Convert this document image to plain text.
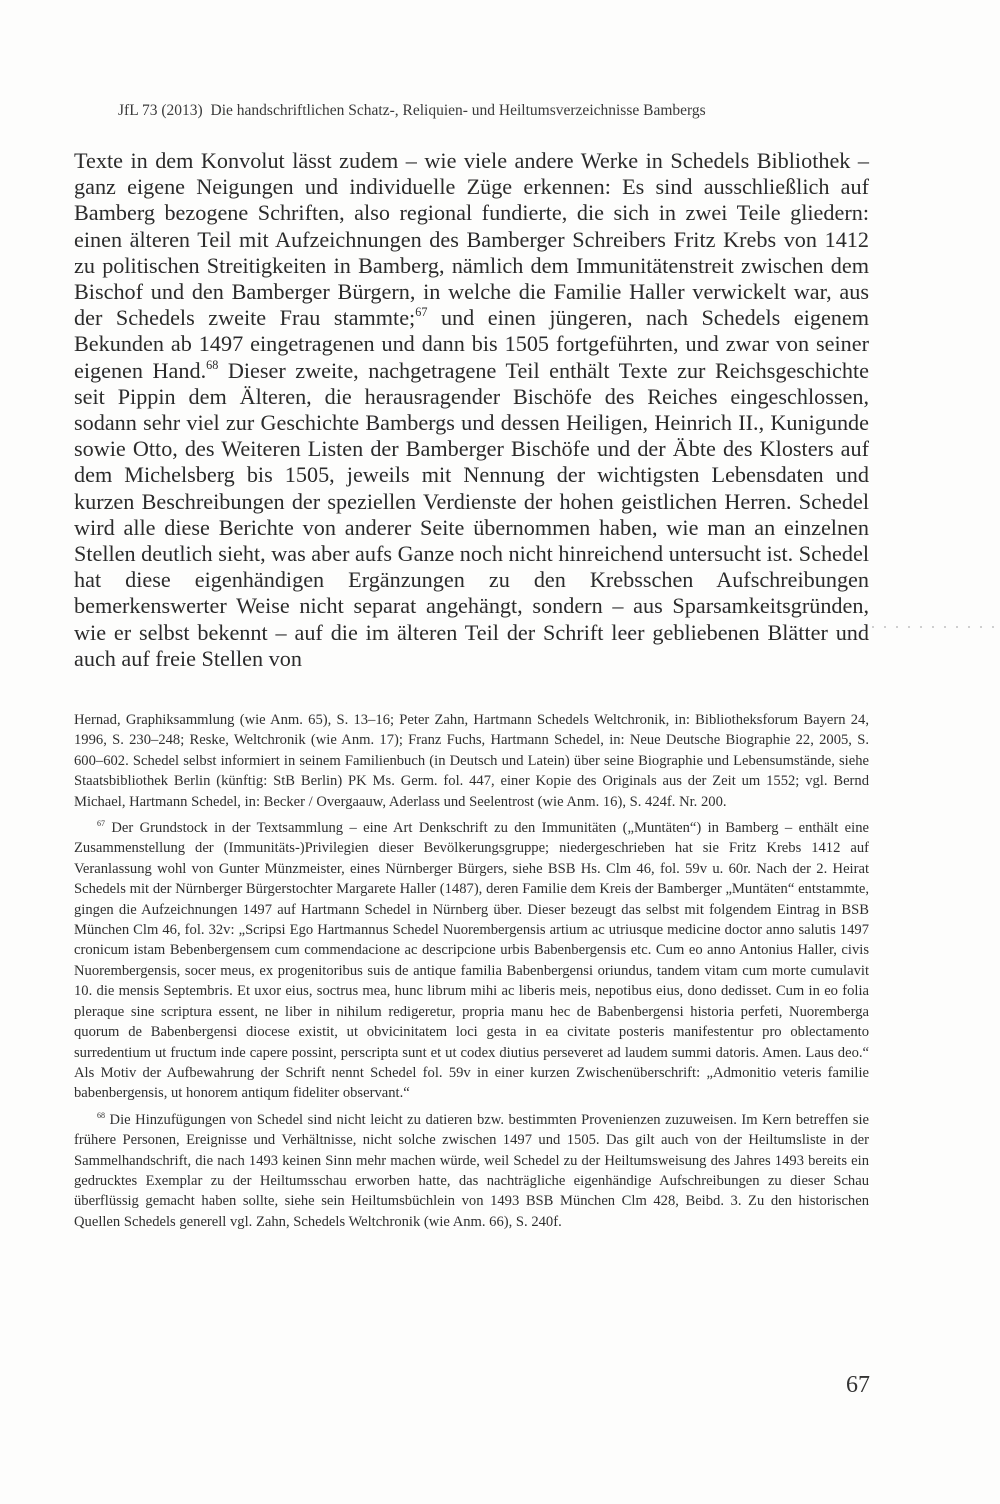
JfL 73 (2013) Die handschriftlichen Schatz-, Reliquien- und Heiltumsverzeichnisse Bambergs

Texte in dem Konvolut lässt zudem – wie viele andere Werke in Schedels Bibliothek – ganz eigene Neigungen und individuelle Züge erkennen: Es sind ausschließlich auf Bamberg bezogene Schriften, also regional fundierte, die sich in zwei Teile gliedern: einen älteren Teil mit Aufzeichnungen des Bamberger Schreibers Fritz Krebs von 1412 zu politischen Streitigkeiten in Bamberg, nämlich dem Immunitätenstreit zwischen dem Bischof und den Bamberger Bürgern, in welche die Familie Haller verwickelt war, aus der Schedels zweite Frau stammte;$^{67}$ und einen jüngeren, nach Schedels eigenem Bekunden ab 1497 eingetragenen und dann bis 1505 fortgeführten, und zwar von seiner eigenen Hand.$^{68}$ Dieser zweite, nachgetragene Teil enthält Texte zur Reichsgeschichte seit Pippin dem Älteren, die herausragender Bischöfe des Reiches eingeschlossen, sodann sehr viel zur Geschichte Bambergs und dessen Heiligen, Heinrich II., Kunigunde sowie Otto, des Weiteren Listen der Bamberger Bischöfe und der Äbte des Klosters auf dem Michelsberg bis 1505, jeweils mit Nennung der wichtigsten Lebensdaten und kurzen Beschreibungen der speziellen Verdienste der hohen geistlichen Herren. Schedel wird alle diese Berichte von anderer Seite übernommen haben, wie man an einzelnen Stellen deutlich sieht, was aber aufs Ganze noch nicht hinreichend untersucht ist. Schedel hat diese eigenhändigen Ergänzungen zu den Krebsschen Aufschreibungen bemerkenswerter Weise nicht separat angehängt, sondern – aus Sparsamkeitsgründen, wie er selbst bekennt – auf die im älteren Teil der Schrift leer gebliebenen Blätter und auch auf freie Stellen von

Hernad, Graphiksammlung (wie Anm. 65), S. 13–16; Peter Zahn, Hartmann Schedels Weltchronik, in: Bibliotheksforum Bayern 24, 1996, S. 230–248; Reske, Weltchronik (wie Anm. 17); Franz Fuchs, Hartmann Schedel, in: Neue Deutsche Biographie 22, 2005, S. 600–602. Schedel selbst informiert in seinem Familienbuch (in Deutsch und Latein) über seine Biographie und Lebensumstände, siehe Staatsbibliothek Berlin (künftig: StB Berlin) PK Ms. Germ. fol. 447, einer Kopie des Originals aus der Zeit um 1552; vgl. Bernd Michael, Hartmann Schedel, in: Becker / Overgaauw, Aderlass und Seelentrost (wie Anm. 16), S. 424f. Nr. 200.

$^{67}$ Der Grundstock in der Textsammlung – eine Art Denkschrift zu den Immunitäten („Muntäten“) in Bamberg – enthält eine Zusammenstellung der (Immunitäts-)Privilegien dieser Bevölkerungsgruppe; niedergeschrieben hat sie Fritz Krebs 1412 auf Veranlassung wohl von Gunter Münzmeister, eines Nürnberger Bürgers, siehe BSB Hs. Clm 46, fol. 59v u. 60r. Nach der 2. Heirat Schedels mit der Nürnberger Bürgerstochter Margarete Haller (1487), deren Familie dem Kreis der Bamberger „Muntäten“ entstammte, gingen die Aufzeichnungen 1497 auf Hartmann Schedel in Nürnberg über. Dieser bezeugt das selbst mit folgendem Eintrag in BSB München Clm 46, fol. 32v: „Scripsi Ego Hartmannus Schedel Nuorembergensis artium ac utriusque medicine doctor anno salutis 1497 cronicum istam Bebenbergensem cum commendacione ac descripcione urbis Babenbergensis etc. Cum eo anno Antonius Haller, civis Nuorembergensis, socer meus, ex progenitoribus suis de antique familia Babenbergensi oriundus, tandem vitam cum morte cumulavit 10. die mensis Septembris. Et uxor eius, soctrus mea, hunc librum mihi ac liberis meis, nepotibus eius, dono dedisset. Cum in eo folia pleraque sine scriptura essent, ne liber in nihilum redigeretur, propria manu hec de Babenbergensi historia perfeti, Nuoremberga quorum de Babenbergensi diocese existit, ut obvicinitatem loci gesta in ea civitate posteris manifestentur pro oblectamento surredentium ut fructum inde capere possint, perscripta sunt et ut codex diutius perseveret ad laudem summi datoris. Amen. Laus deo.“ Als Motiv der Aufbewahrung der Schrift nennt Schedel fol. 59v in einer kurzen Zwischenüberschrift: „Admonitio veteris familie babenbergensis, ut honorem antiqum fideliter observant.“

$^{68}$ Die Hinzufügungen von Schedel sind nicht leicht zu datieren bzw. bestimmten Provenienzen zuzuweisen. Im Kern betreffen sie frühere Personen, Ereignisse und Verhältnisse, nicht solche zwischen 1497 und 1505. Das gilt auch von der Heiltumsliste in der Sammelhandschrift, die nach 1493 keinen Sinn mehr machen würde, weil Schedel zu der Heiltumsweisung des Jahres 1493 bereits ein gedrucktes Exemplar zu der Heiltumsschau erworben hatte, das nachträgliche eigenhändige Aufschreibungen zu dieser Schau überflüssig gemacht haben sollte, siehe sein Heiltumsbüchlein von 1493 BSB München Clm 428, Beibd. 3. Zu den historischen Quellen Schedels generell vgl. Zahn, Schedels Weltchronik (wie Anm. 66), S. 240f.

67
